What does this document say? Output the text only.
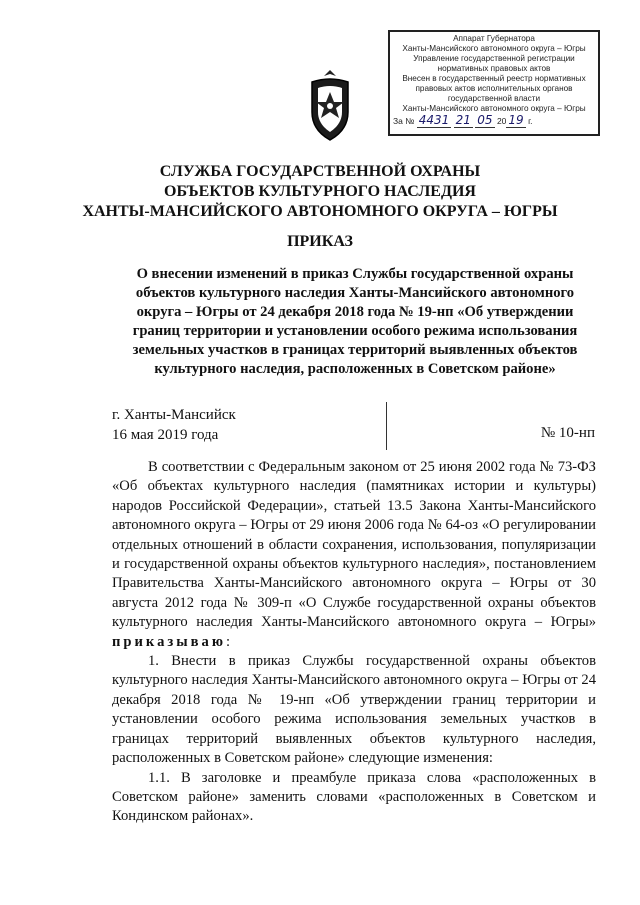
Аппарат Губернатора
Ханты-Мансийского автономного округа – Югры
Управление государственной регистрации
нормативных правовых актов
Внесен в государственный реестр нормативных
правовых актов исполнительных органов
государственной власти
Ханты-Мансийского автономного округа – Югры
За № 4431 21 05 20 19 г.
СЛУЖБА ГОСУДАРСТВЕННОЙ ОХРАНЫ
ОБЪЕКТОВ КУЛЬТУРНОГО НАСЛЕДИЯ
ХАНТЫ-МАНСИЙСКОГО АВТОНОМНОГО ОКРУГА – ЮГРЫ
ПРИКАЗ
О внесении изменений в приказ Службы государственной охраны объектов культурного наследия Ханты-Мансийского автономного округа – Югры от 24 декабря 2018 года № 19-нп «Об утверждении границ территории и установлении особого режима использования земельных участков в границах территорий выявленных объектов культурного наследия, расположенных в Советском районе»
г. Ханты-Мансийск
16 мая 2019 года	№ 10-нп

В соответствии с Федеральным законом от 25 июня 2002 года № 73-ФЗ «Об объектах культурного наследия (памятниках истории и культуры) народов Российской Федерации», статьей 13.5 Закона Ханты-Мансийского автономного округа – Югры от 29 июня 2006 года № 64-оз «О регулировании отдельных отношений в области сохранения, использования, популяризации и государственной охраны объектов культурного наследия», постановлением Правительства Ханты-Мансийского автономного округа – Югры от 30 августа 2012 года № 309-п «О Службе государственной охраны объектов культурного наследия Ханты-Мансийского автономного округа – Югры» приказываю:

1. Внести в приказ Службы государственной охраны объектов культурного наследия Ханты-Мансийского автономного округа – Югры от 24 декабря 2018 года № 19-нп «Об утверждении границ территории и установлении особого режима использования земельных участков в границах территорий выявленных объектов культурного наследия, расположенных в Советском районе» следующие изменения:

1.1. В заголовке и преамбуле приказа слова «расположенных в Советском районе» заменить словами «расположенных в Советском и Кондинском районах».
